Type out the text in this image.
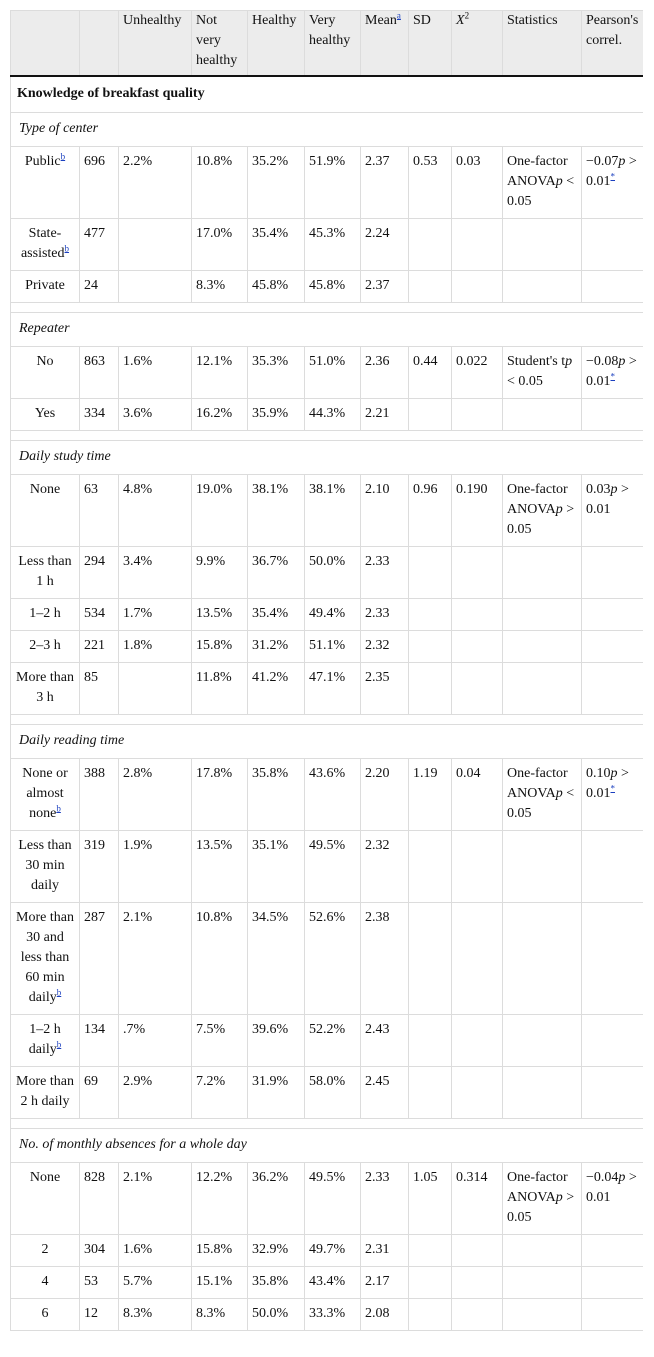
		Unhealthy	Not very healthy	Healthy	Very healthy	Mean$^a$	SD	$X^2$	Statistics	Pearson's correl.
Knowledge of breakfast quality										
Type of center										
Public$^b$	696	2.2%	10.8%	35.2%	51.9%	2.37	0.53	0.03	One-factor ANOVAp < 0.05	−0.07p > 0.01*
State-assisted$^b$	477		17.0%	35.4%	45.3%	2.24				
Private	24		8.3%	45.8%	45.8%	2.37				

Repeater										
No	863	1.6%	12.1%	35.3%	51.0%	2.36	0.44	0.022	Student's tp < 0.05	−0.08p > 0.01*
Yes	334	3.6%	16.2%	35.9%	44.3%	2.21				

Daily study time										
None	63	4.8%	19.0%	38.1%	38.1%	2.10	0.96	0.190	One-factor ANOVAp > 0.05	0.03p > 0.01
Less than 1 h	294	3.4%	9.9%	36.7%	50.0%	2.33				
1–2 h	534	1.7%	13.5%	35.4%	49.4%	2.33				
2–3 h	221	1.8%	15.8%	31.2%	51.1%	2.32				
More than 3 h	85		11.8%	41.2%	47.1%	2.35				

Daily reading time										
None or almost none$^b$	388	2.8%	17.8%	35.8%	43.6%	2.20	1.19	0.04	One-factor ANOVAp < 0.05	0.10p > 0.01*
Less than 30 min daily	319	1.9%	13.5%	35.1%	49.5%	2.32				
More than 30 and less than 60 min daily$^b$	287	2.1%	10.8%	34.5%	52.6%	2.38				
1–2 h daily$^b$	134	.7%	7.5%	39.6%	52.2%	2.43				
More than 2 h daily	69	2.9%	7.2%	31.9%	58.0%	2.45				

No. of monthly absences for a whole day										
None	828	2.1%	12.2%	36.2%	49.5%	2.33	1.05	0.314	One-factor ANOVAp > 0.05	−0.04p > 0.01
2	304	1.6%	15.8%	32.9%	49.7%	2.31				
4	53	5.7%	15.1%	35.8%	43.4%	2.17				
6	12	8.3%	8.3%	50.0%	33.3%	2.08				
